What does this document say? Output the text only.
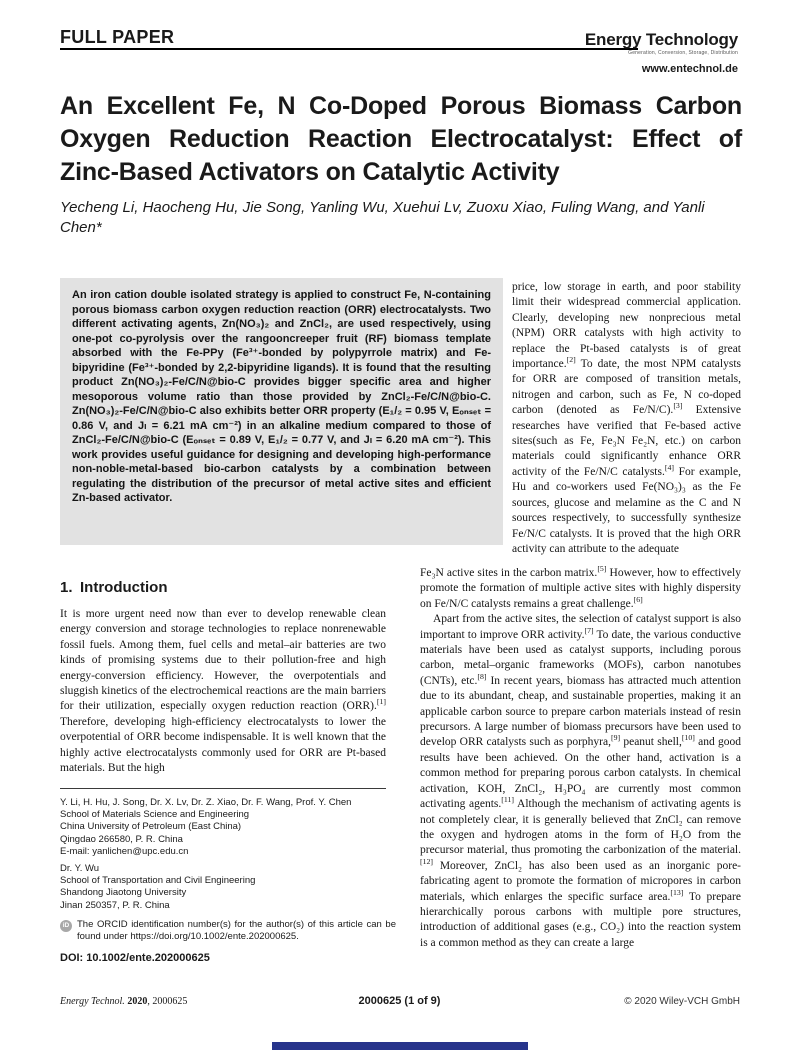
FULL PAPER	Energy Technology
Generation, Conversion, Storage, Distribution
www.entechnol.de
An Excellent Fe, N Co-Doped Porous Biomass Carbon Oxygen Reduction Reaction Electrocatalyst: Effect of Zinc-Based Activators on Catalytic Activity
Yecheng Li, Haocheng Hu, Jie Song, Yanling Wu, Xuehui Lv, Zuoxu Xiao, Fuling Wang, and Yanli Chen*
An iron cation double isolated strategy is applied to construct Fe, N-containing porous biomass carbon oxygen reduction reaction (ORR) electrocatalysts. Two different activating agents, Zn(NO₃)₂ and ZnCl₂, are used respectively, using one-pot co-pyrolysis over the rangooncreeper fruit (RF) biomass template absorbed with the Fe-PPy (Fe³⁺-bonded by polypyrrole matrix) and Fe-bipyridine (Fe³⁺-bonded by 2,2-bipyridine ligands). It is found that the resulting product Zn(NO₃)₂-Fe/C/N@bio-C provides bigger specific area and higher mesoporous volume ratio than those provided by ZnCl₂-Fe/C/N@bio-C. Zn(NO₃)₂-Fe/C/N@bio-C also exhibits better ORR property (E₁/₂ = 0.95 V, Eₒₙₛₑₜ = 0.86 V, and Jₗ = 6.21 mA cm⁻²) in an alkaline medium compared to those of ZnCl₂-Fe/C/N@bio-C (Eₒₙₛₑₜ = 0.89 V, E₁/₂ = 0.77 V, and Jₗ = 6.20 mA cm⁻²). This work provides useful guidance for designing and developing high-performance non-noble-metal-based bio-carbon catalysts by a combination between regulating the distribution of the precursor of metal active sites and efficient Zn-based activator.
price, low storage in earth, and poor stability limit their widespread commercial application. Clearly, developing new nonprecious metal (NPM) ORR catalysts with high activity to replace the Pt-based catalysts is of great importance.[2] To date, the most NPM catalysts for ORR are composed of transition metals, nitrogen and carbon, such as Fe, N co-doped carbon (denoted as Fe/N/C).[3] Extensive researches have verified that Fe-based active sites(such as Fe, Fe₃N Fe₂N, etc.) on carbon materials could significantly enhance ORR activity of the Fe/N/C catalysts.[4] For example, Hu and co-workers used Fe(NO₃)₃ as the Fe sources, glucose and melamine as the C and N sources respectively, to successfully synthesize Fe/N/C catalysts. It is proved that the high ORR activity can attribute to the adequate
Fe₃N active sites in the carbon matrix.[5] However, how to effectively promote the formation of multiple active sites with highly dispersity on Fe/N/C catalysts remains a great challenge.[6]
Apart from the active sites, the selection of catalyst support is also important to improve ORR activity.[7] To date, the various conductive materials have been used as catalyst supports, including porous carbon, metal–organic frameworks (MOFs), carbon nanotubes (CNTs), etc.[8] In recent years, biomass has attracted much attention due to its abundant, cheap, and sustainable properties, making it an applicable carbon source to prepare carbon materials instead of resin precursors. A large number of biomass precursors have been used to develop ORR catalysts such as porphyra,[9] peanut shell,[10] and good results have been achieved. On the other hand, activation is a common method for preparing porous carbon catalysts. In chemical activation, KOH, ZnCl₂, H₃PO₄ are currently most common activating agents.[11] Although the mechanism of activating agents is not completely clear, it is generally believed that ZnCl₂ can remove the oxygen and hydrogen atoms in the form of H₂O from the precursor material, thus promoting the carbonization of the material.[12] Moreover, ZnCl₂ has also been used as an inorganic pore-fabricating agent to promote the formation of micropores in carbon materials, which enlarges the specific surface area.[13] To prepare hierarchically porous carbons with multiple pore structures, introduction of additional gases (e.g., CO₂) into the reaction system is a common method as they can create a large
1. Introduction
It is more urgent need now than ever to develop renewable clean energy conversion and storage technologies to replace nonrenewable fossil fuels. Among them, fuel cells and metal–air batteries are two kinds of promising systems due to their pollution-free and high energy-conversion efficiency. However, the overpotentials and sluggish kinetics of the electrochemical reactions are the main barriers for their utilization, especially oxygen reduction reaction (ORR).[1] Therefore, developing high-efficiency electrocatalysts to lower the overpotential of ORR become indispensable. It is well known that the highly active electrocatalysts commonly used for ORR are Pt-based materials. But the high
Y. Li, H. Hu, J. Song, Dr. X. Lv, Dr. Z. Xiao, Dr. F. Wang, Prof. Y. Chen
School of Materials Science and Engineering
China University of Petroleum (East China)
Qingdao 266580, P. R. China
E-mail: yanlichen@upc.edu.cn
Dr. Y. Wu
School of Transportation and Civil Engineering
Shandong Jiaotong University
Jinan 250357, P. R. China
iD The ORCID identification number(s) for the author(s) of this article can be found under https://doi.org/10.1002/ente.202000625.
DOI: 10.1002/ente.202000625
Energy Technol. 2020, 2000625	2000625 (1 of 9)	© 2020 Wiley-VCH GmbH
